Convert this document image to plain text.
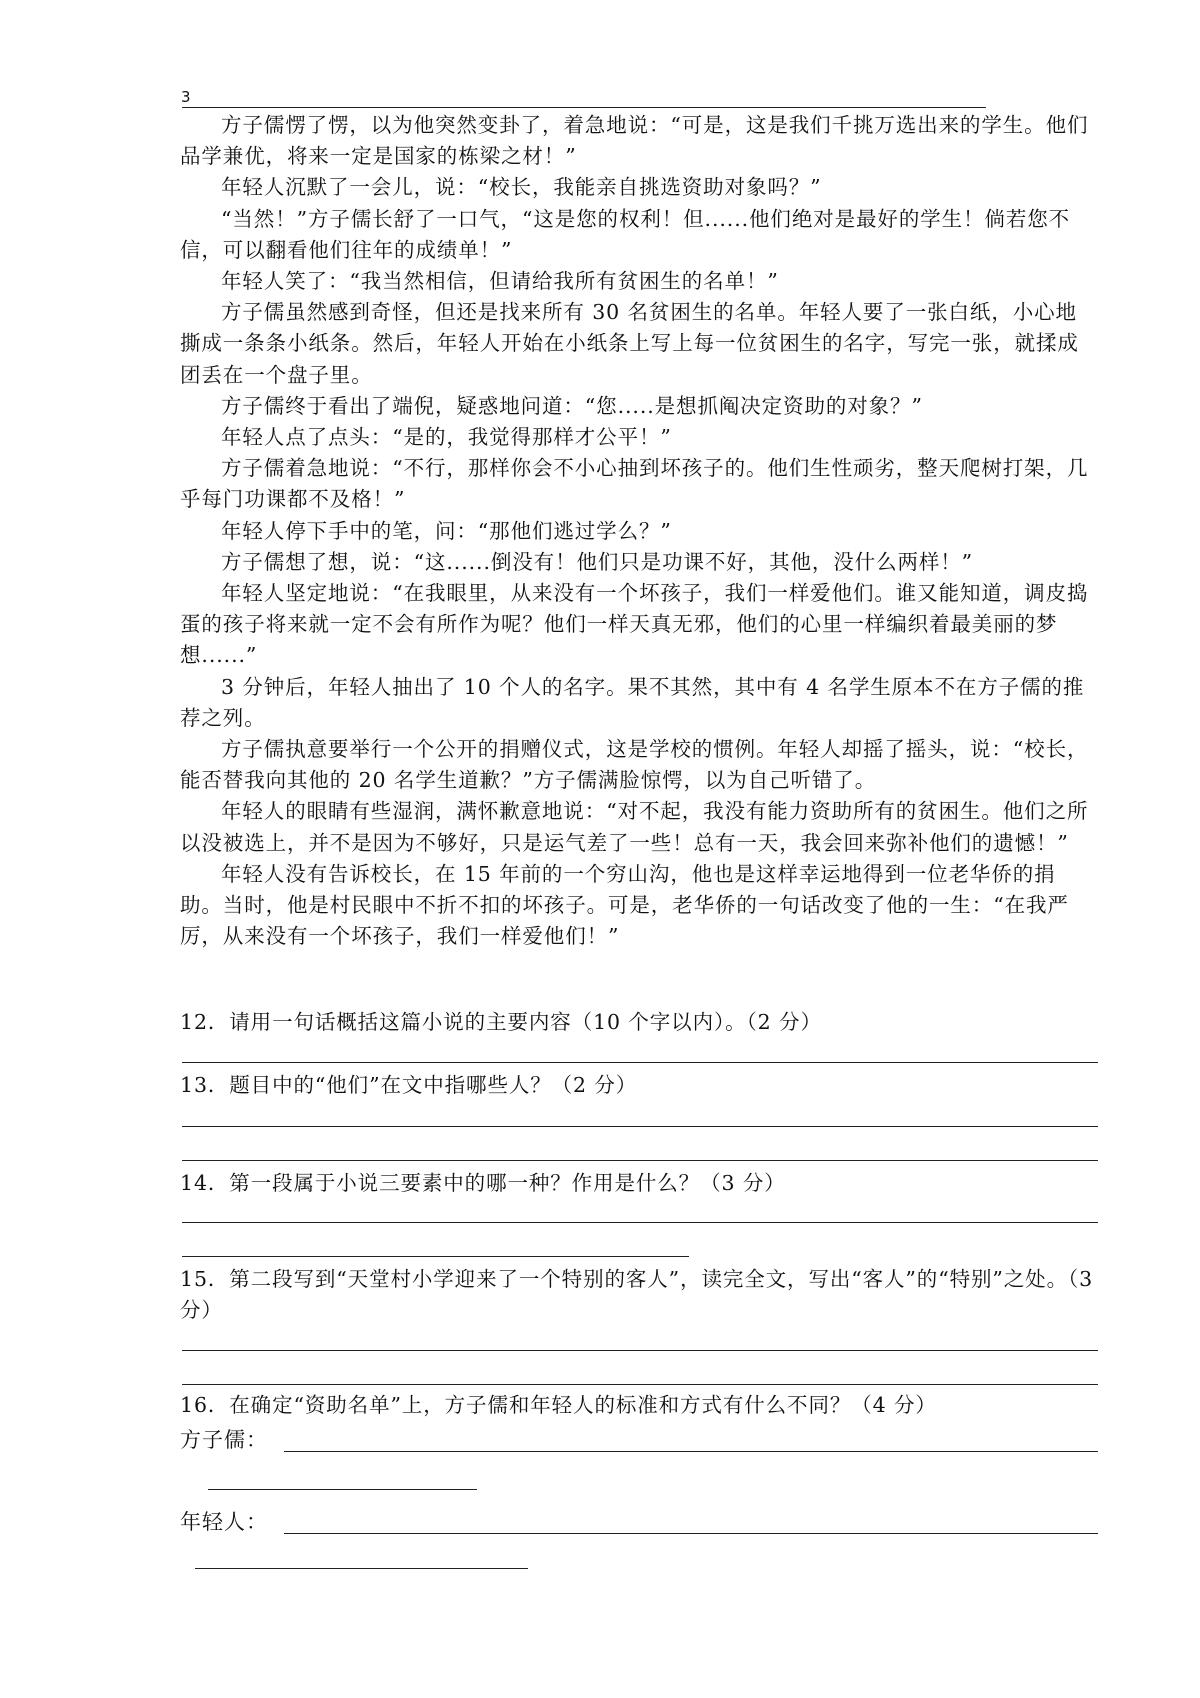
3

方子儒愣了愣，以为他突然变卦了，着急地说：“可是，这是我们千挑万选出来的学生。他们品学兼优，将来一定是国家的栋梁之材！”

年轻人沉默了一会儿，说：“校长，我能亲自挑选资助对象吗？”

“当然！”方子儒长舒了一口气，“这是您的权利！但......他们绝对是最好的学生！倘若您不信，可以翻看他们往年的成绩单！”

年轻人笑了：“我当然相信，但请给我所有贫困生的名单！”

方子儒虽然感到奇怪，但还是找来所有 30 名贫困生的名单。年轻人要了一张白纸，小心地撕成一条条小纸条。然后，年轻人开始在小纸条上写上每一位贫困生的名字，写完一张，就揉成团丢在一个盘子里。

方子儒终于看出了端倪，疑惑地问道：“您.....是想抓阄决定资助的对象？”

年轻人点了点头：“是的，我觉得那样才公平！”

方子儒着急地说：“不行，那样你会不小心抽到坏孩子的。他们生性顽劣，整天爬树打架，几乎每门功课都不及格！”

年轻人停下手中的笔，问：“那他们逃过学么？”

方子儒想了想，说：“这......倒没有！他们只是功课不好，其他，没什么两样！”

年轻人坚定地说：“在我眼里，从来没有一个坏孩子，我们一样爱他们。谁又能知道，调皮捣蛋的孩子将来就一定不会有所作为呢？他们一样天真无邪，他们的心里一样编织着最美丽的梦想......”

3 分钟后，年轻人抽出了 10 个人的名字。果不其然，其中有 4 名学生原本不在方子儒的推荐之列。

方子儒执意要举行一个公开的捐赠仪式，这是学校的惯例。年轻人却摇了摇头，说：“校长，能否替我向其他的 20 名学生道歉？”方子儒满脸惊愕，以为自己听错了。

年轻人的眼睛有些湿润，满怀歉意地说：“对不起，我没有能力资助所有的贫困生。他们之所以没被选上，并不是因为不够好，只是运气差了一些！总有一天，我会回来弥补他们的遗憾！”

年轻人没有告诉校长，在 15 年前的一个穷山沟，他也是这样幸运地得到一位老华侨的捐助。当时，他是村民眼中不折不扣的坏孩子。可是，老华侨的一句话改变了他的一生：“在我严厉，从来没有一个坏孩子，我们一样爱他们！”

12．请用一句话概括这篇小说的主要内容（10 个字以内）。（2 分）

13．题目中的“他们”在文中指哪些人？（2 分）

14．第一段属于小说三要素中的哪一种？作用是什么？（3 分）

15．第二段写到“天堂村小学迎来了一个特别的客人”，读完全文，写出“客人”的“特别”之处。（3 分）

16．在确定“资助名单”上，方子儒和年轻人的标准和方式有什么不同？（4 分）

方子儒：
年轻人：
